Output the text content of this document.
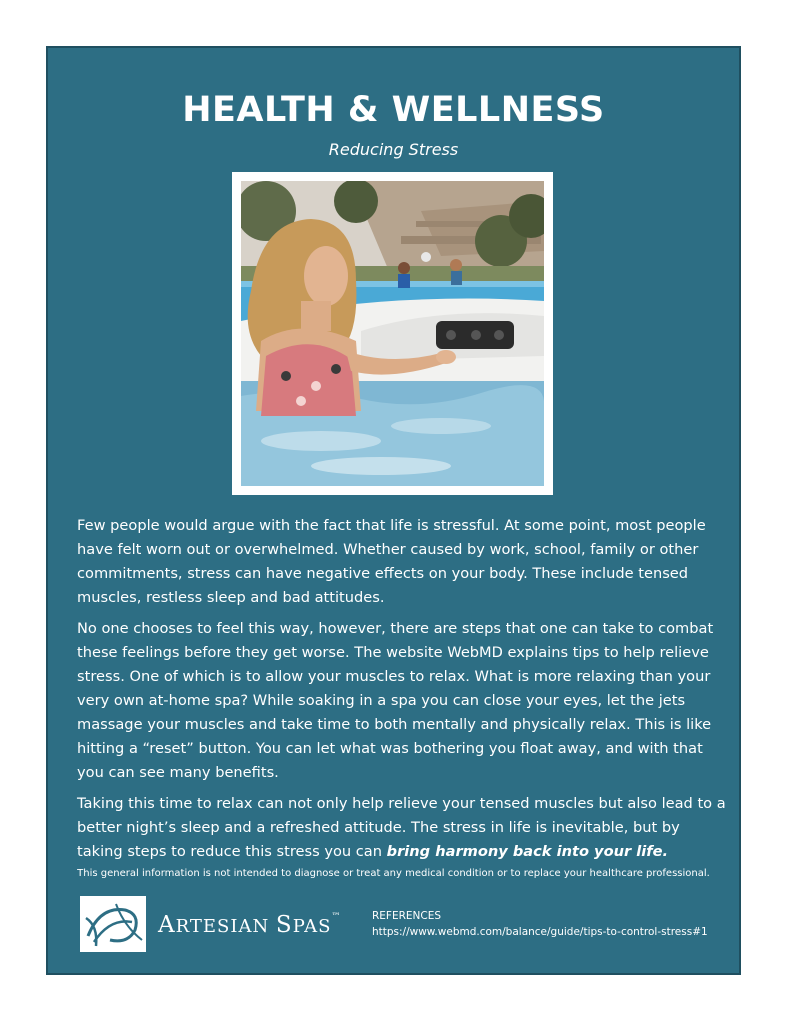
HEALTH & WELLNESS
Reducing Stress

Few people would argue with the fact that life is stressful. At some point, most people have felt worn out or overwhelmed. Whether caused by work, school, family or other commitments, stress can have negative effects on your body. These include tensed muscles, restless sleep and bad attitudes.

No one chooses to feel this way, however, there are steps that one can take to combat these feelings before they get worse. The website WebMD explains tips to help relieve stress. One of which is to allow your muscles to relax. What is more relaxing than your very own at-home spa? While soaking in a spa you can close your eyes, let the jets massage your muscles and take time to both mentally and physically relax. This is like hitting a “reset” button. You can let what was bothering you float away, and with that you can see many benefits.

Taking this time to relax can not only help relieve your tensed muscles but also lead to a better night’s sleep and a refreshed attitude. The stress in life is inevitable, but by taking steps to reduce this stress you can bring harmony back into your life.

This general information is not intended to diagnose or treat any medical condition or to replace your healthcare professional.
ARTESIAN SPAS™	REFERENCES
https://www.webmd.com/balance/guide/tips-to-control-stress#1
